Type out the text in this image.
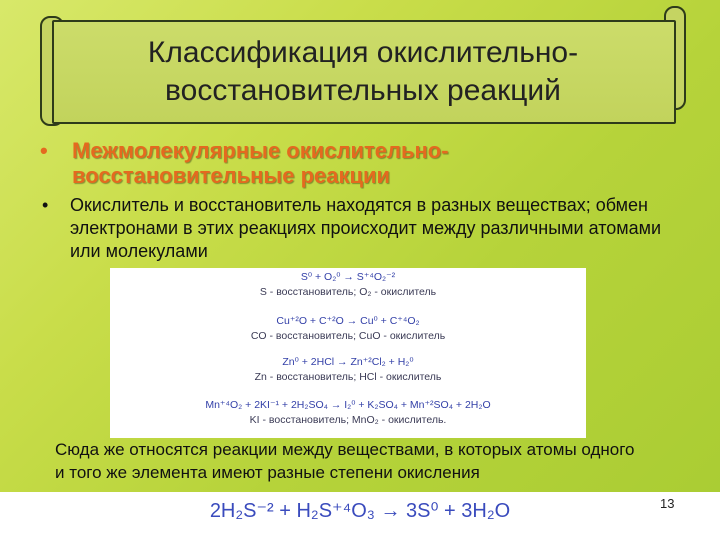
Классификация окислительно-
восстановительных реакций
• Межмолекулярные окислительно-восстановительные реакции
• Окислитель и восстановитель находятся в разных веществах; обмен электронами в этих реакциях происходит между различными атомами или молекулами
S⁰ + O₂⁰ → S⁺⁴O₂⁻²
S - восстановитель; O₂ - окислитель
Cu⁺²O + C⁺²O → Cu⁰ + C⁺⁴O₂
CO - восстановитель; CuO - окислитель
Zn⁰ + 2HCl → Zn⁺²Cl₂ + H₂⁰
Zn - восстановитель; HCl - окислитель
Mn⁺⁴O₂ + 2KI⁻¹ + 2H₂SO₄ → I₂⁰ + K₂SO₄ + Mn⁺²SO₄ + 2H₂O
KI - восстановитель; MnO₂ - окислитель.
Сюда же относятся реакции между веществами, в которых атомы одного и того же элемента имеют разные степени окисления
2H₂S⁻² + H₂S⁺⁴O₃ → 3S⁰ + 3H₂O	13
